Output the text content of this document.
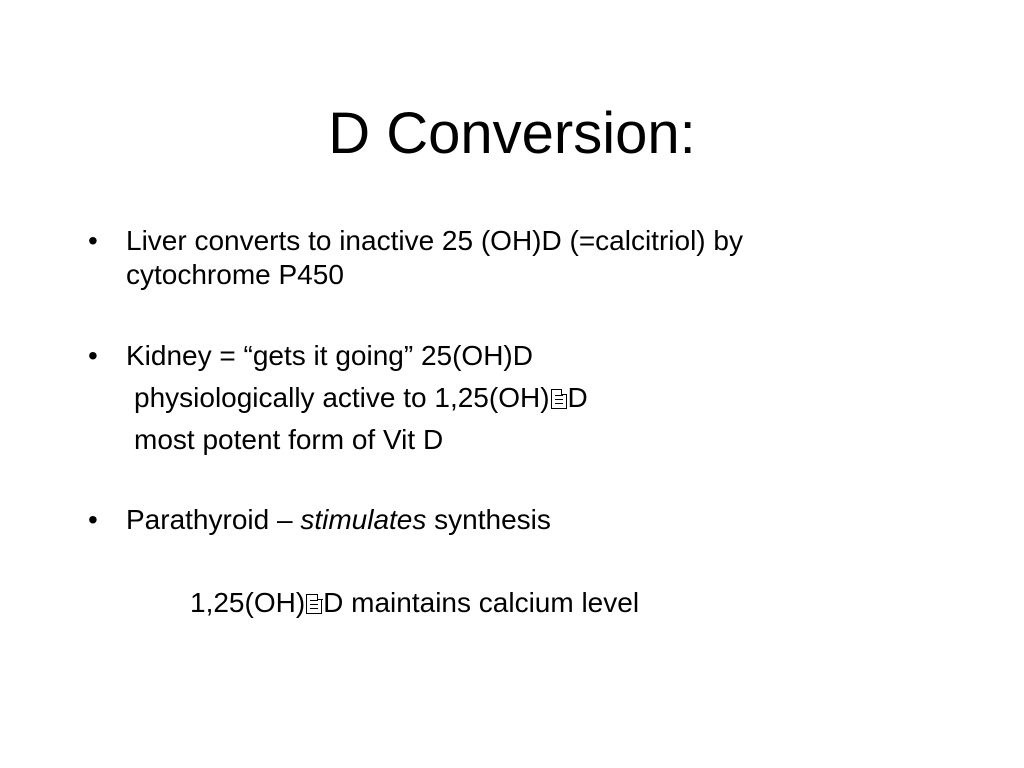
D Conversion:
• Liver converts to inactive 25 (OH)D (=calcitriol) by
cytochrome P450
• Kidney = “gets it going” 25(OH)D
physiologically active to 1,25(OH) D
most potent form of Vit D
• Parathyroid – stimulates synthesis
1,25(OH) D maintains calcium level
